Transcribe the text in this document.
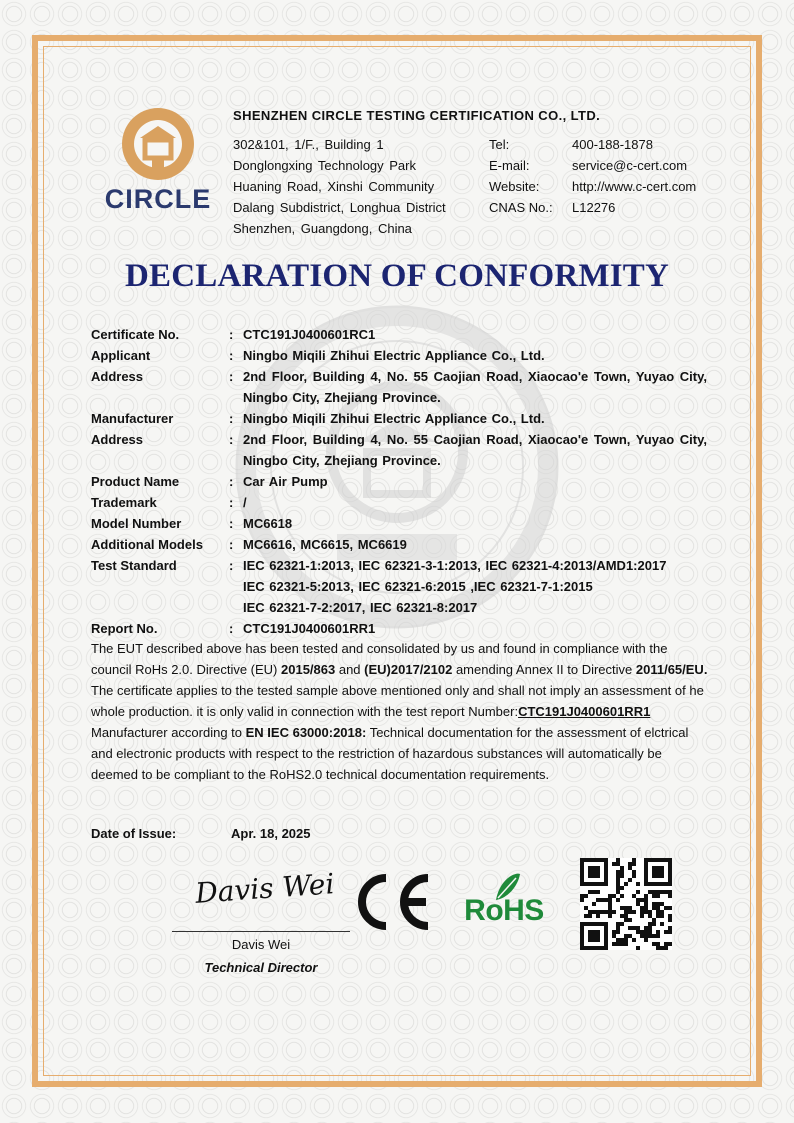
CIRCLE
SHENZHEN CIRCLE TESTING CERTIFICATION CO., LTD.
302&101, 1/F., Building 1
Donglongxing Technology Park
Huaning Road, Xinshi Community
Dalang Subdistrict, Longhua District
Shenzhen, Guangdong, China
Tel:	400-188-1878
E-mail:	service@c-cert.com
Website:	http://www.c-cert.com
CNAS No.:	L12276
DECLARATION OF CONFORMITY
Certificate No.	: CTC191J0400601RC1
Applicant	: Ningbo Miqili Zhihui Electric Appliance Co., Ltd.
Address	: 2nd Floor, Building 4, No. 55 Caojian Road, Xiaocao'e Town, Yuyao City, Ningbo City, Zhejiang Province.
Manufacturer	: Ningbo Miqili Zhihui Electric Appliance Co., Ltd.
Address	: 2nd Floor, Building 4, No. 55 Caojian Road, Xiaocao'e Town, Yuyao City, Ningbo City, Zhejiang Province.
Product Name	: Car Air Pump
Trademark	: /
Model Number	: MC6618
Additional Models	: MC6616, MC6615, MC6619
Test Standard	: IEC 62321-1:2013, IEC 62321-3-1:2013, IEC 62321-4:2013/AMD1:2017
IEC 62321-5:2013, IEC 62321-6:2015 ,IEC 62321-7-1:2015
IEC 62321-7-2:2017, IEC 62321-8:2017
Report No.	: CTC191J0400601RR1

The EUT described above has been tested and consolidated by us and found in compliance with the council RoHs 2.0. Directive (EU) 2015/863 and (EU)2017/2102 amending Annex II to Directive 2011/65/EU. The certificate applies to the tested sample above mentioned only and shall not imply an assessment of he whole production. it is only valid in connection with the test report Number:CTC191J0400601RR1

Manufacturer according to EN IEC 63000:2018: Technical documentation for the assessment of elctrical and electronic products with respect to the restriction of hazardous substances will automatically be deemed to be compliant to the RoHS2.0 technical documentation requirements.

Date of Issue:	Apr. 18, 2025
Davis Wei
Davis Wei
Technical Director
RoHS
